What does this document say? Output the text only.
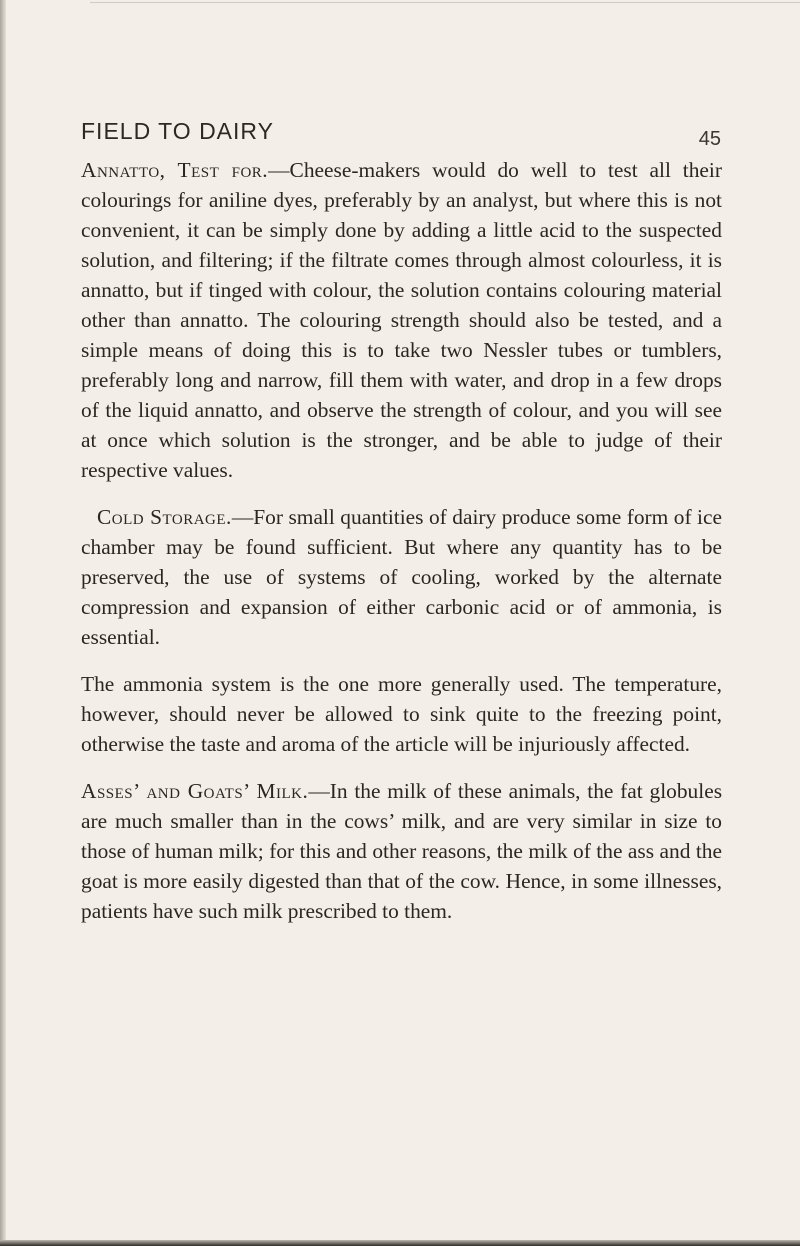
FIELD TO DAIRY	45

Annatto, Test for.—Cheese-makers would do well to test all their colourings for aniline dyes, preferably by an analyst, but where this is not convenient, it can be simply done by adding a little acid to the suspected solution, and filtering; if the filtrate comes through almost colourless, it is annatto, but if tinged with colour, the solution contains colouring material other than annatto. The colouring strength should also be tested, and a simple means of doing this is to take two Nessler tubes or tumblers, preferably long and narrow, fill them with water, and drop in a few drops of the liquid annatto, and observe the strength of colour, and you will see at once which solution is the stronger, and be able to judge of their respective values.

Cold Storage.—For small quantities of dairy produce some form of ice chamber may be found sufficient. But where any quantity has to be preserved, the use of systems of cooling, worked by the alternate compression and expansion of either carbonic acid or of ammonia, is essential.

The ammonia system is the one more generally used. The temperature, however, should never be allowed to sink quite to the freezing point, otherwise the taste and aroma of the article will be injuriously affected.

Asses’ and Goats’ Milk.—In the milk of these animals, the fat globules are much smaller than in the cows’ milk, and are very similar in size to those of human milk; for this and other reasons, the milk of the ass and the goat is more easily digested than that of the cow. Hence, in some illnesses, patients have such milk prescribed to them.
